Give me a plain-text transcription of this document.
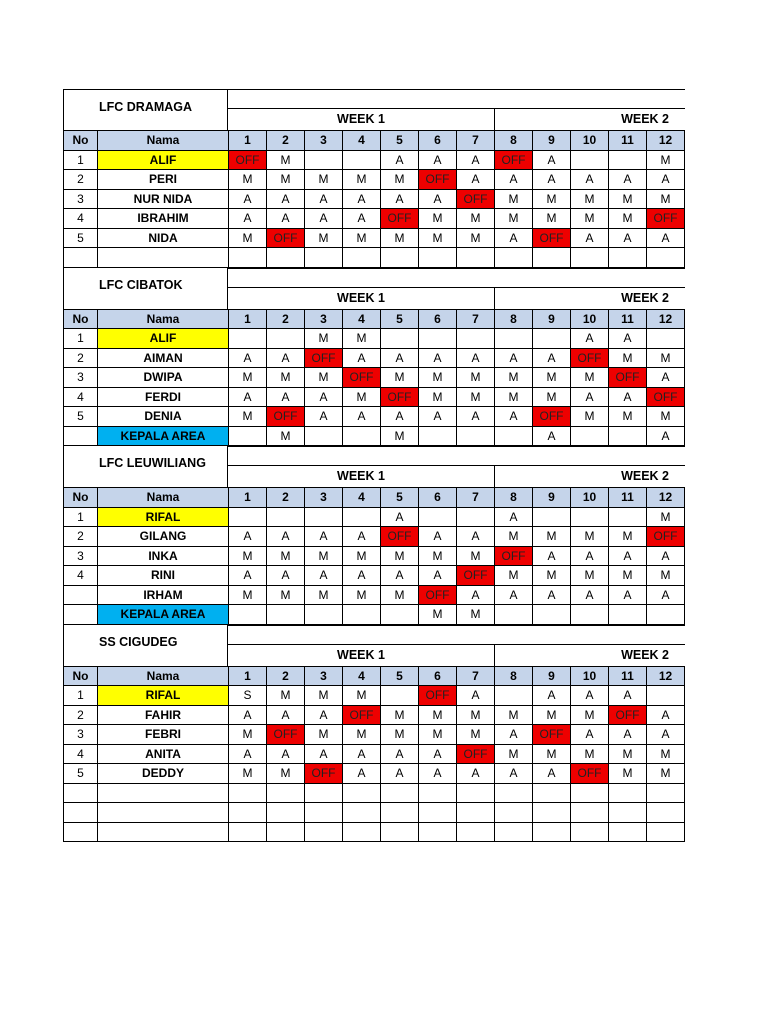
LFC DRAMAGA
WEEK 1	WEEK 2
No	Nama	1	2	3	4	5	6	7	8	9	10	11	12
1	ALIF	OFF	M			A	A	A	OFF	A			M
2	PERI	M	M	M	M	M	OFF	A	A	A	A	A	A
3	NUR NIDA	A	A	A	A	A	A	OFF	M	M	M	M	M
4	IBRAHIM	A	A	A	A	OFF	M	M	M	M	M	M	OFF
5	NIDA	M	OFF	M	M	M	M	M	A	OFF	A	A	A

LFC CIBATOK
WEEK 1	WEEK 2
No	Nama	1	2	3	4	5	6	7	8	9	10	11	12
1	ALIF			M	M						A	A	
2	AIMAN	A	A	OFF	A	A	A	A	A	A	OFF	M	M
3	DWIPA	M	M	M	OFF	M	M	M	M	M	M	OFF	A
4	FERDI	A	A	A	M	OFF	M	M	M	M	A	A	OFF
5	DENIA	M	OFF	A	A	A	A	A	A	OFF	M	M	M
	KEPALA AREA		M			M				A			A
LFC LEUWILIANG
WEEK 1	WEEK 2
No	Nama	1	2	3	4	5	6	7	8	9	10	11	12
1	RIFAL					A			A				M
2	GILANG	A	A	A	A	OFF	A	A	M	M	M	M	OFF
3	INKA	M	M	M	M	M	M	M	OFF	A	A	A	A
4	RINI	A	A	A	A	A	A	OFF	M	M	M	M	M
	IRHAM	M	M	M	M	M	OFF	A	A	A	A	A	A
	KEPALA AREA						M	M					
SS CIGUDEG
WEEK 1	WEEK 2
No	Nama	1	2	3	4	5	6	7	8	9	10	11	12
1	RIFAL	S	M	M	M		OFF	A		A	A	A	
2	FAHIR	A	A	A	OFF	M	M	M	M	M	M	OFF	A
3	FEBRI	M	OFF	M	M	M	M	M	A	OFF	A	A	A
4	ANITA	A	A	A	A	A	A	OFF	M	M	M	M	M
5	DEDDY	M	M	OFF	A	A	A	A	A	A	OFF	M	M
